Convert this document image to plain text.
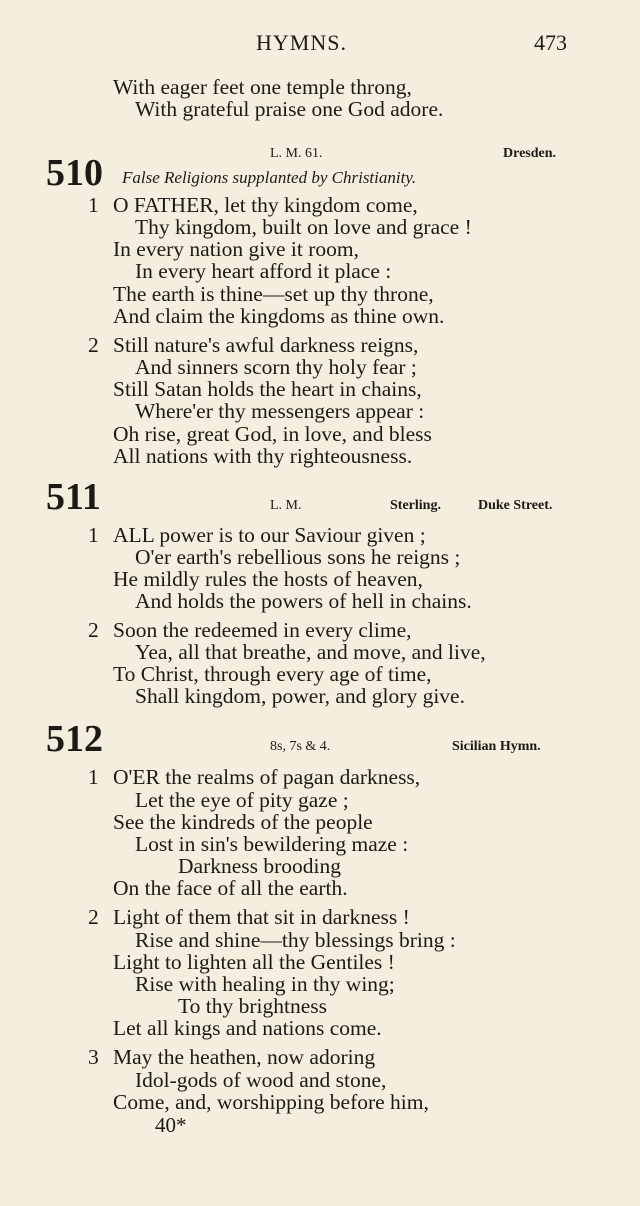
HYMNS.	473
With eager feet one temple throng,
With grateful praise one God adore.
510	L. M. 61.	Dresden.
False Religions supplanted by Christianity.
1 O FATHER, let thy kingdom come,
Thy kingdom, built on love and grace !
In every nation give it room,
In every heart afford it place :
The earth is thine—set up thy throne,
And claim the kingdoms as thine own.
2 Still nature's awful darkness reigns,
And sinners scorn thy holy fear ;
Still Satan holds the heart in chains,
Where'er thy messengers appear :
Oh rise, great God, in love, and bless
All nations with thy righteousness.
511	L. M.	Sterling.	Duke Street.
1 ALL power is to our Saviour given ;
O'er earth's rebellious sons he reigns ;
He mildly rules the hosts of heaven,
And holds the powers of hell in chains.
2 Soon the redeemed in every clime,
Yea, all that breathe, and move, and live,
To Christ, through every age of time,
Shall kingdom, power, and glory give.
512	8s, 7s & 4.	Sicilian Hymn.
1 O'ER the realms of pagan darkness,
Let the eye of pity gaze ;
See the kindreds of the people
Lost in sin's bewildering maze :
Darkness brooding
On the face of all the earth.
2 Light of them that sit in darkness !
Rise and shine—thy blessings bring :
Light to lighten all the Gentiles !
Rise with healing in thy wing;
To thy brightness
Let all kings and nations come.
3 May the heathen, now adoring
Idol-gods of wood and stone,
Come, and, worshipping before him,
40*
